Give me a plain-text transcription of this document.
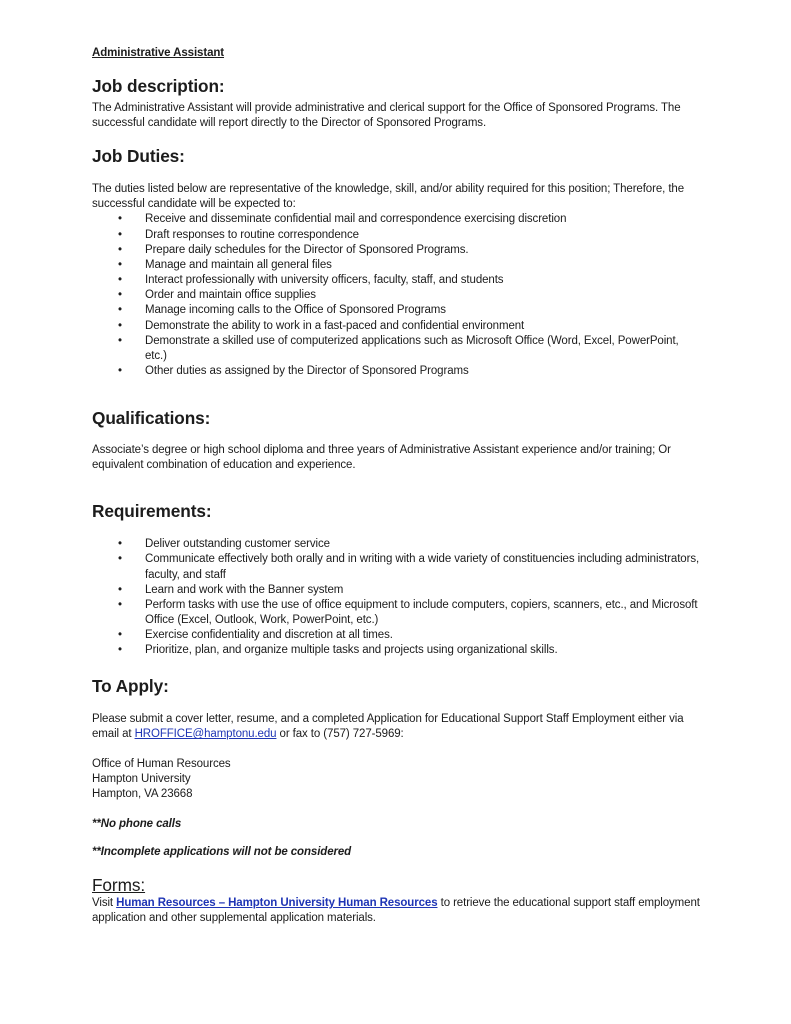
Administrative Assistant
Job description:

The Administrative Assistant will provide administrative and clerical support for the Office of Sponsored Programs. The successful candidate will report directly to the Director of Sponsored Programs.

Job Duties:

The duties listed below are representative of the knowledge, skill, and/or ability required for this position; Therefore, the successful candidate will be expected to:

• Receive and disseminate confidential mail and correspondence exercising discretion
• Draft responses to routine correspondence
• Prepare daily schedules for the Director of Sponsored Programs.
• Manage and maintain all general files
• Interact professionally with university officers, faculty, staff, and students
• Order and maintain office supplies
• Manage incoming calls to the Office of Sponsored Programs
• Demonstrate the ability to work in a fast-paced and confidential environment
• Demonstrate a skilled use of computerized applications such as Microsoft Office (Word, Excel, PowerPoint, etc.)
• Other duties as assigned by the Director of Sponsored Programs
Qualifications:

Associate’s degree or high school diploma and three years of Administrative Assistant experience and/or training; Or equivalent combination of education and experience.

Requirements:
• Deliver outstanding customer service
• Communicate effectively both orally and in writing with a wide variety of constituencies including administrators, faculty, and staff
• Learn and work with the Banner system
• Perform tasks with use the use of office equipment to include computers, copiers, scanners, etc., and Microsoft Office (Excel, Outlook, Work, PowerPoint, etc.)
• Exercise confidentiality and discretion at all times.
• Prioritize, plan, and organize multiple tasks and projects using organizational skills.
To Apply:

Please submit a cover letter, resume, and a completed Application for Educational Support Staff Employment either via email at HROFFICE@hamptonu.edu or fax to (757) 727-5969:

Office of Human Resources
Hampton University
Hampton, VA 23668

**No phone calls

**Incomplete applications will not be considered

Forms:

Visit Human Resources – Hampton University Human Resources to retrieve the educational support staff employment application and other supplemental application materials.
